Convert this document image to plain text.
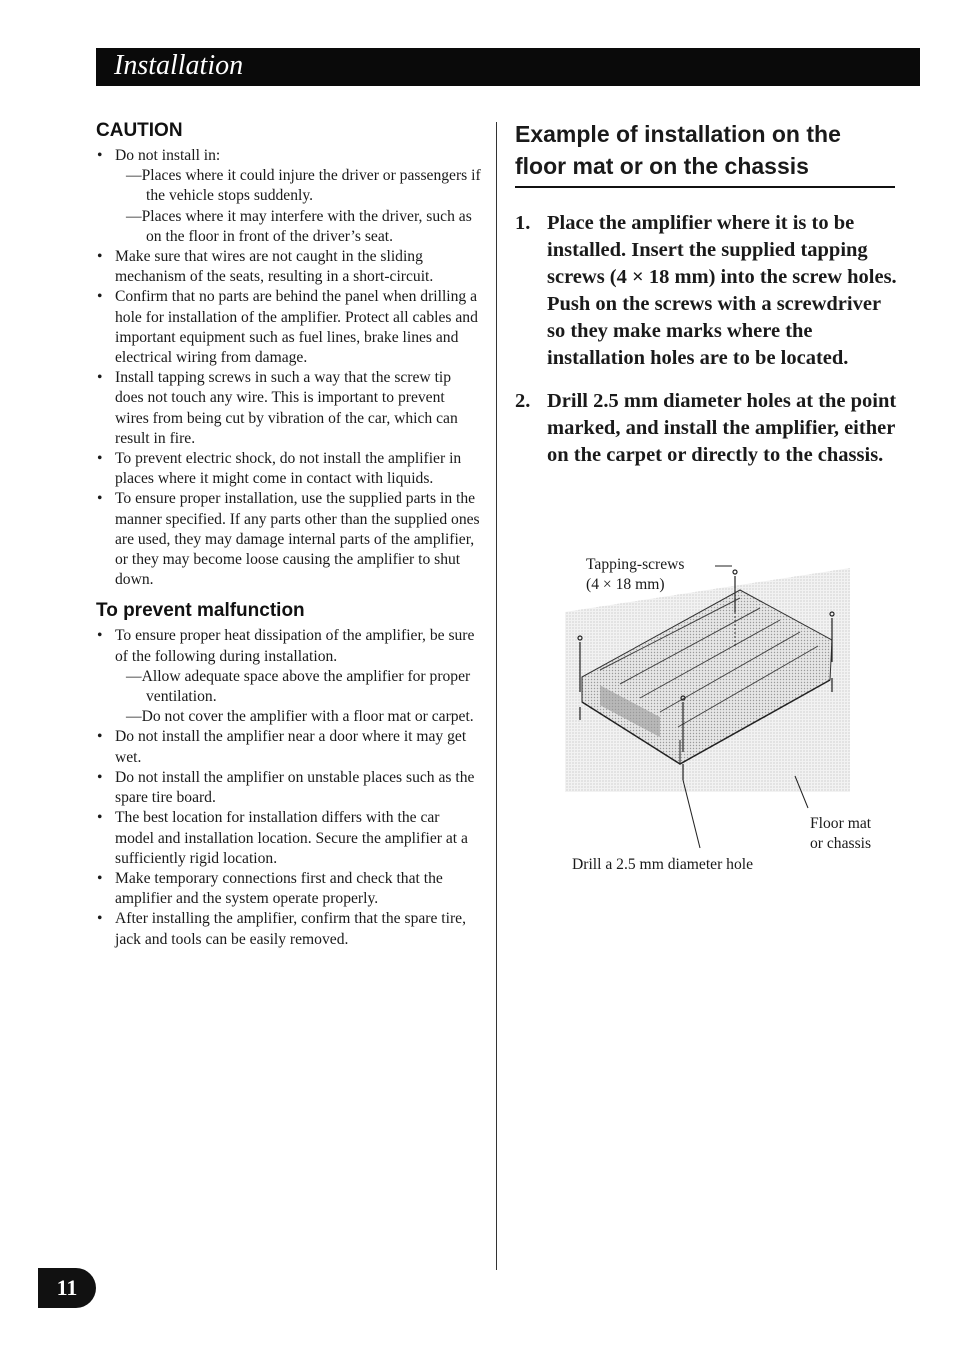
Installation
CAUTION
• Do not install in:
—Places where it could injure the driver or passengers if the vehicle stops suddenly.
—Places where it may interfere with the driver, such as on the floor in front of the driver’s seat.
• Make sure that wires are not caught in the sliding mechanism of the seats, resulting in a short-circuit.
• Confirm that no parts are behind the panel when drilling a hole for installation of the amplifier. Protect all cables and important equipment such as fuel lines, brake lines and electrical wiring from damage.
• Install tapping screws in such a way that the screw tip does not touch any wire. This is important to prevent wires from being cut by vibration of the car, which can result in fire.
• To prevent electric shock, do not install the amplifier in places where it might come in contact with liquids.
• To ensure proper installation, use the supplied parts in the manner specified. If any parts other than the supplied ones are used, they may damage internal parts of the amplifier, or they may become loose causing the amplifier to shut down.
To prevent malfunction
• To ensure proper heat dissipation of the amplifier, be sure of the following during installation.
—Allow adequate space above the amplifier for proper ventilation.
—Do not cover the amplifier with a floor mat or carpet.
• Do not install the amplifier near a door where it may get wet.
• Do not install the amplifier on unstable places such as the spare tire board.
• The best location for installation differs with the car model and installation location. Secure the amplifier at a sufficiently rigid location.
• Make temporary connections first and check that the amplifier and the system operate properly.
• After installing the amplifier, confirm that the spare tire, jack and tools can be easily removed.
Example of installation on the floor mat or on the chassis
1. Place the amplifier where it is to be installed. Insert the supplied tapping screws (4 × 18 mm) into the screw holes. Push on the screws with a screwdriver so they make marks where the installation holes are to be located.
2. Drill 2.5 mm diameter holes at the point marked, and install the amplifier, either on the carpet or directly to the chassis.
Tapping-screws
(4 × 18 mm)
Floor mat
or chassis
Drill a 2.5 mm diameter hole
11
